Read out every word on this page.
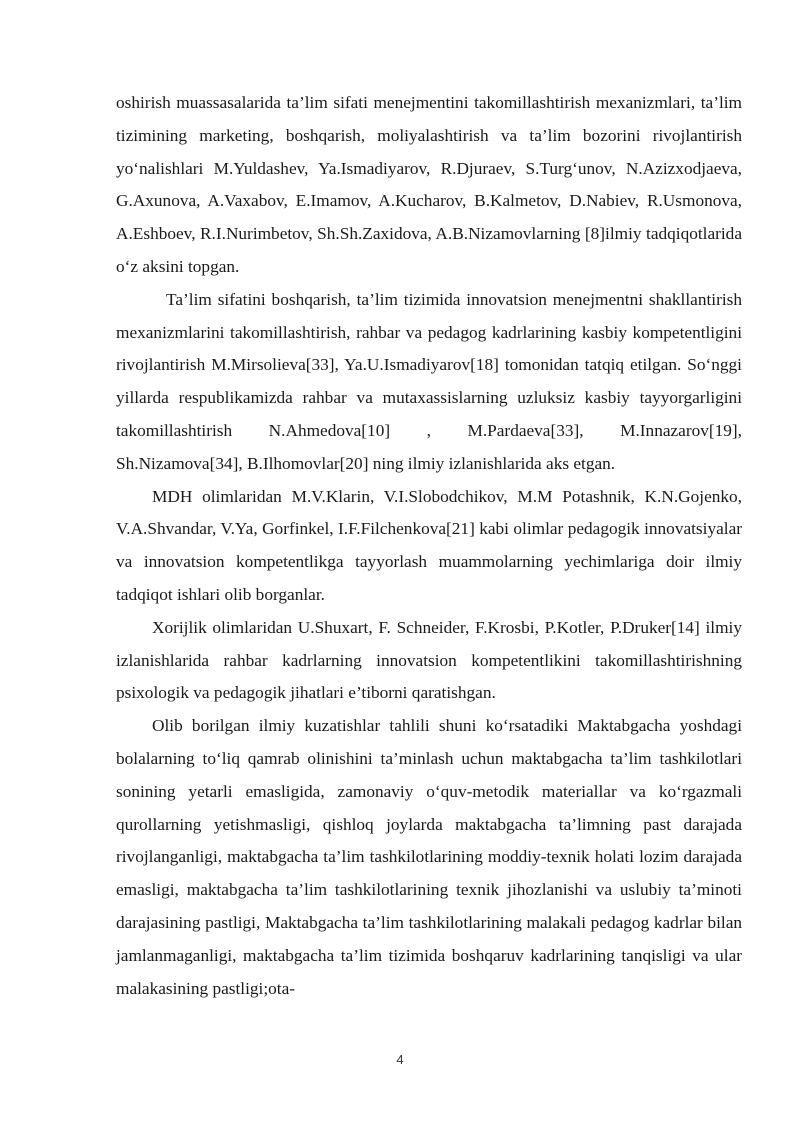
oshirish muassasalarida ta’lim sifati menejmentini takomillashtirish mexanizmlari, ta’lim tizimining marketing, boshqarish, moliyalashtirish va ta’lim bozorini rivojlantirish yo‘nalishlari M.Yuldashev, Ya.Ismadiyarov, R.Djuraev, S.Turg‘unov, N.Azizxodjaeva, G.Axunova, A.Vaxabov, E.Imamov, A.Kucharov, B.Kalmetov, D.Nabiev, R.Usmonova, A.Eshboev, R.I.Nurimbetov, Sh.Sh.Zaxidova, A.B.Nizamovlarning [8]ilmiy tadqiqotlarida o‘z aksini topgan.

Ta’lim sifatini boshqarish, ta’lim tizimida innovatsion menejmentni shakllantirish mexanizmlarini takomillashtirish, rahbar va pedagog kadrlarining kasbiy kompetentligini rivojlantirish M.Mirsolieva[33], Ya.U.Ismadiyarov[18] tomonidan tatqiq etilgan. So‘nggi yillarda respublikamizda rahbar va mutaxassislarning uzluksiz kasbiy tayyorgarligini takomillashtirish N.Ahmedova[10] , M.Pardaeva[33], M.Innazarov[19], Sh.Nizamova[34], B.Ilhomovlar[20] ning ilmiy izlanishlarida aks etgan.

MDH olimlaridan M.V.Klarin, V.I.Slobodchikov, M.M Potashnik, K.N.Gojenko, V.A.Shvandar, V.Ya, Gorfinkel, I.F.Filchenkova[21] kabi olimlar pedagogik innovatsiyalar va innovatsion kompetentlikga tayyorlash muammolarning yechimlariga doir ilmiy tadqiqot ishlari olib borganlar.

Xorijlik olimlaridan U.Shuxart, F. Schneider, F.Krosbi, P.Kotler, P.Druker[14] ilmiy izlanishlarida rahbar kadrlarning innovatsion kompetentlikini takomillashtirishning psixologik va pedagogik jihatlari e’tiborni qaratishgan.

Olib borilgan ilmiy kuzatishlar tahlili shuni ko‘rsatadiki Maktabgacha yoshdagi bolalarning to‘liq qamrab olinishini ta’minlash uchun maktabgacha ta’lim tashkilotlari sonining yetarli emasligida, zamonaviy o‘quv-metodik materiallar va ko‘rgazmali qurollarning yetishmasligi, qishloq joylarda maktabgacha ta’limning past darajada rivojlanganligi, maktabgacha ta’lim tashkilotlarining moddiy-texnik holati lozim darajada emasligi, maktabgacha ta’lim tashkilotlarining texnik jihozlanishi va uslubiy ta’minoti darajasining pastligi, Maktabgacha ta’lim tashkilotlarining malakali pedagog kadrlar bilan jamlanmaganligi, maktabgacha ta’lim tizimida boshqaruv kadrlarining tanqisligi va ular malakasining pastligi;ota-

4
